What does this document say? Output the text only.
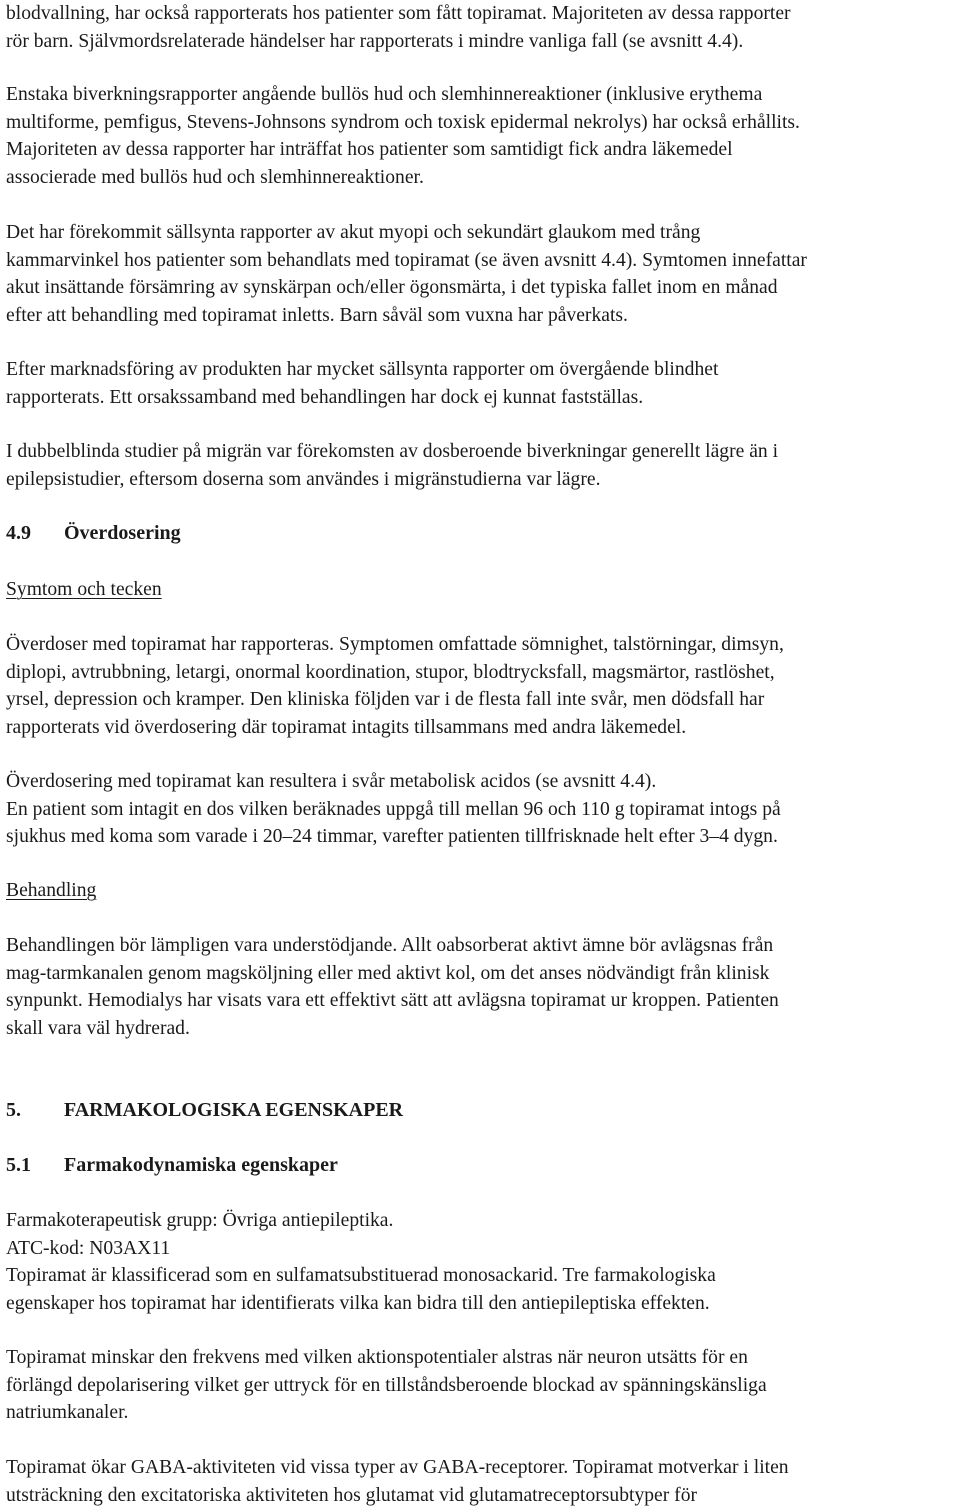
blodvallning, har också rapporterats hos patienter som fått topiramat. Majoriteten av dessa rapporter

rör barn. Självmordsrelaterade händelser har rapporterats i mindre vanliga fall (se avsnitt 4.4).

Enstaka biverkningsrapporter angående bullös hud och slemhinnereaktioner (inklusive erythema

multiforme, pemfigus, Stevens-Johnsons syndrom och toxisk epidermal nekrolys) har också erhållits.

Majoriteten av dessa rapporter har inträffat hos patienter som samtidigt fick andra läkemedel

associerade med bullös hud och slemhinnereaktioner.

Det har förekommit sällsynta rapporter av akut myopi och sekundärt glaukom med trång

kammarvinkel hos patienter som behandlats med topiramat (se även avsnitt 4.4). Symtomen innefattar

akut insättande försämring av synskärpan och/eller ögonsmärta, i det typiska fallet inom en månad

efter att behandling med topiramat inletts. Barn såväl som vuxna har påverkats.

Efter marknadsföring av produkten har mycket sällsynta rapporter om övergående blindhet

rapporterats. Ett orsakssamband med behandlingen har dock ej kunnat fastställas.

I dubbelblinda studier på migrän var förekomsten av dosberoende biverkningar generellt lägre än i

epilepsistudier, eftersom doserna som användes i migränstudierna var lägre.

4.9 Överdosering
Symtom och tecken

Överdoser med topiramat har rapporteras. Symptomen omfattade sömnighet, talstörningar, dimsyn,

diplopi, avtrubbning, letargi, onormal koordination, stupor, blodtrycksfall, magsmärtor, rastlöshet,

yrsel, depression och kramper. Den kliniska följden var i de flesta fall inte svår, men dödsfall har

rapporterats vid överdosering där topiramat intagits tillsammans med andra läkemedel.

Överdosering med topiramat kan resultera i svår metabolisk acidos (se avsnitt 4.4).

En patient som intagit en dos vilken beräknades uppgå till mellan 96 och 110 g topiramat intogs på

sjukhus med koma som varade i 20–24 timmar, varefter patienten tillfrisknade helt efter 3–4 dygn.

Behandling

Behandlingen bör lämpligen vara understödjande. Allt oabsorberat aktivt ämne bör avlägsnas från

mag-tarmkanalen genom magsköljning eller med aktivt kol, om det anses nödvändigt från klinisk

synpunkt. Hemodialys har visats vara ett effektivt sätt att avlägsna topiramat ur kroppen. Patienten

skall vara väl hydrerad.

5. FARMAKOLOGISKA EGENSKAPER
5.1 Farmakodynamiska egenskaper

Farmakoterapeutisk grupp: Övriga antiepileptika.

ATC-kod: N03AX11

Topiramat är klassificerad som en sulfamatsubstituerad monosackarid. Tre farmakologiska

egenskaper hos topiramat har identifierats vilka kan bidra till den antiepileptiska effekten.

Topiramat minskar den frekvens med vilken aktionspotentialer alstras när neuron utsätts för en

förlängd depolarisering vilket ger uttryck för en tillståndsberoende blockad av spänningskänsliga

natriumkanaler.

Topiramat ökar GABA-aktiviteten vid vissa typer av GABA-receptorer. Topiramat motverkar i liten

utsträckning den excitatoriska aktiviteten hos glutamat vid glutamatreceptorsubtyper för
